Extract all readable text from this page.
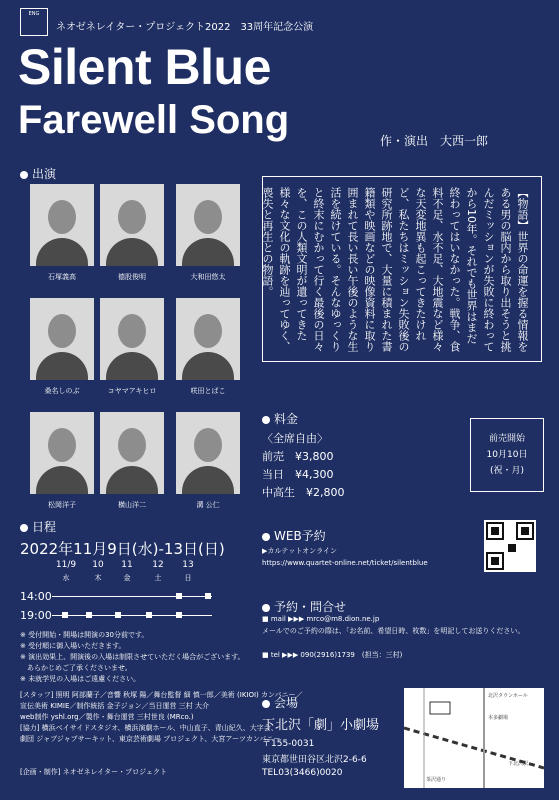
ENG
ネオゼネレイター・プロジェクト2022　33周年記念公演
Silent Blue
Farewell Song	作・演出　 大西一郎
出演
石塚義高	德股俊明	大和田悠太
桑名しのぶ	コヤマアキヒロ	咲田とばこ
松岡洋子	横山洋二	溝 公仁
【物語】世界の命運を握る情報をある男の脳内から取り出そうと挑んだミッションが失敗に終わってから10年。それでも世界はまだ終わってはいなかった。戦争、食料不足、水不足、大地震など様々な天変地異も起こってきたけれど、私たちはミッション失敗後の研究所跡地で、大量に積まれた書籍類や映画などの映像資料に取り囲まれて長い長い午後のような生活を続けている。そんなゆっくりと終末にむかって行く最後の日々を、この人類文明が遺ってきた様々な文化の軌跡を辿ってゆく、喪失と再生との物語。
料金
〈全席自由〉
前売　 ¥3,800
当日　 ¥4,300
中高生　 ¥2,800
前売開始
10月10日
(祝・月)
日程
2022年11月9日(水)-13日(日)
11/9
水
10
木
11
金
12
土
13
日
14:00
19:00
※ 受付開始・開場は開演の30分前です。
※ 受付順に御入場いただきます。
※ 演出効果上、開演後の入場は制限させていただく場合がございます。
　あらかじめご了承くださいませ。
※ 未就学児の入場はご遠慮ください。
WEB予約
▶カルテットオンライン
https://www.quartet-online.net/ticket/silentblue
予約・問合せ
■ mail ▶▶▶ mrco@m8.dion.ne.jp
メールでのご予約の際は、「お名前、希望日時、枚数」を明記してお送りください。
■ tel ▶▶▶ 090(2916)1739　(担当：三村)
[スタッフ] 照明 阿部蘭子／音響 秋塚 陽／舞台監督 細 慎一郎／美術 (IKIOI) カンパニー／
宣伝美術 KIMIE／制作統括 金子ジョン／当日運営 三村 大介
web制作 yshl.org／製作・舞台運営 三村世良 (MRco.)
[協力] 横浜ベイサイドスタジオ、横浜演劇ホール、中山直子、青山紀久、大字会、
劇団 ジャブジャブサーキット、東京芸術劇場 プロジェクト、大宮アーツカンパニー
[企画・制作] ネオゼネレイター・プロジェクト
会場
下北沢「劇」小劇場
〒155-0031
東京都世田谷区北沢2-6-6
TEL03(3466)0020
北沢タウンホール
本多劇場
下北沢駅
茶沢通り
